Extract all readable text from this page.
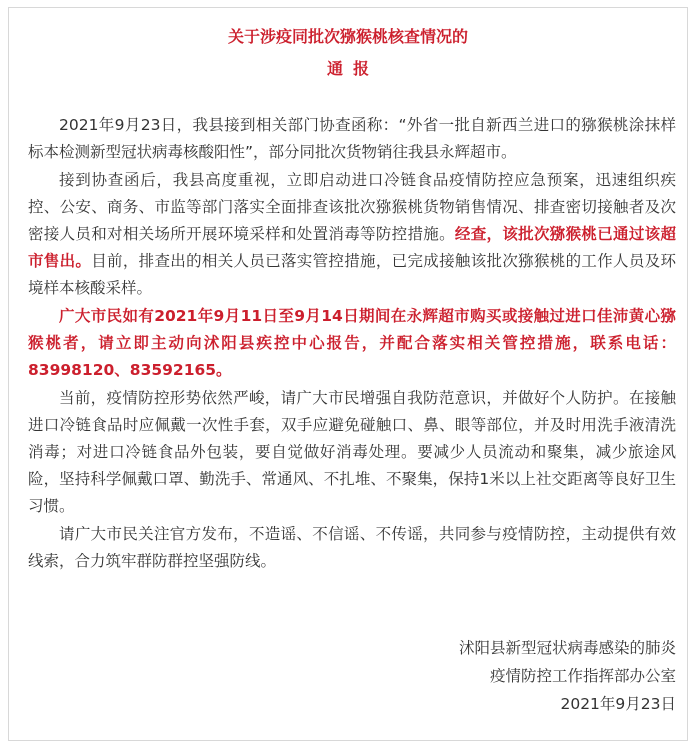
关于涉疫同批次猕猴桃核查情况的
通报

2021年9月23日，我县接到相关部门协查函称：“外省一批自新西兰进口的猕猴桃涂抹样标本检测新型冠状病毒核酸阳性”，部分同批次货物销往我县永辉超市。

接到协查函后，我县高度重视，立即启动进口冷链食品疫情防控应急预案，迅速组织疾控、公安、商务、市监等部门落实全面排查该批次猕猴桃货物销售情况、排查密切接触者及次密接人员和对相关场所开展环境采样和处置消毒等防控措施。经查，该批次猕猴桃已通过该超市售出。目前，排查出的相关人员已落实管控措施，已完成接触该批次猕猴桃的工作人员及环境样本核酸采样。

广大市民如有2021年9月11日至9月14日期间在永辉超市购买或接触过进口佳沛黄心猕猴桃者，请立即主动向沭阳县疾控中心报告，并配合落实相关管控措施，联系电话：83998120、83592165。

当前，疫情防控形势依然严峻，请广大市民增强自我防范意识，并做好个人防护。在接触进口冷链食品时应佩戴一次性手套，双手应避免碰触口、鼻、眼等部位，并及时用洗手液清洗消毒；对进口冷链食品外包装，要自觉做好消毒处理。要减少人员流动和聚集，减少旅途风险，坚持科学佩戴口罩、勤洗手、常通风、不扎堆、不聚集，保持1米以上社交距离等良好卫生习惯。

请广大市民关注官方发布，不造谣、不信谣、不传谣，共同参与疫情防控，主动提供有效线索，合力筑牢群防群控坚强防线。

沭阳县新型冠状病毒感染的肺炎
疫情防控工作指挥部办公室
2021年9月23日
